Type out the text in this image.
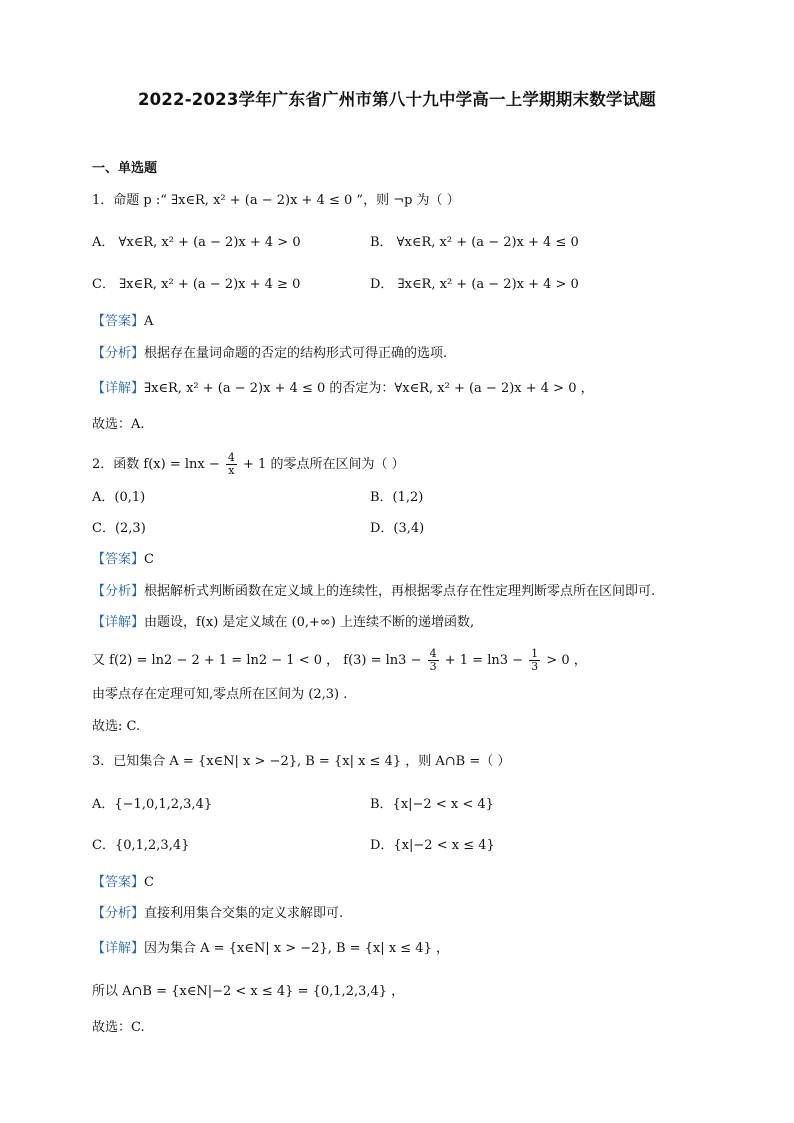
2022-2023学年广东省广州市第八十九中学高一上学期期末数学试题
一、单选题
1．命题 p :“ ∃x∈R, x² + (a − 2)x + 4 ≤ 0 ”，则 ¬p 为（ ）
A． ∀x∈R, x² + (a − 2)x + 4 > 0	B． ∀x∈R, x² + (a − 2)x + 4 ≤ 0
C． ∃x∈R, x² + (a − 2)x + 4 ≥ 0	D． ∃x∈R, x² + (a − 2)x + 4 > 0
【答案】A
【分析】根据存在量词命题的否定的结构形式可得正确的选项.
【详解】∃x∈R, x² + (a − 2)x + 4 ≤ 0 的否定为：∀x∈R, x² + (a − 2)x + 4 > 0 ，
故选：A.
2．函数 $f(x) = \ln x - \frac{4}{x} + 1$ 的零点所在区间为（ ）
A．(0,1)	B．(1,2)
C．(2,3)	D．(3,4)
【答案】C
【分析】根据解析式判断函数在定义域上的连续性，再根据零点存在性定理判断零点所在区间即可.
【详解】由题设，f(x) 是定义域在 (0,+∞) 上连续不断的递增函数,
又 f(2) = ln2 − 2 + 1 = ln2 − 1 < 0 ， $f(3) = \ln 3 - \frac{4}{3} + 1 = \ln 3 - \frac{1}{3} > 0$ ，
由零点存在定理可知,零点所在区间为 (2,3) .
故选: C.
3．已知集合 A = {x∈N| x > −2}, B = {x| x ≤ 4} ，则 A∩B =（ ）
A．{−1,0,1,2,3,4}	B．{x|−2 < x < 4}
C．{0,1,2,3,4}	D．{x|−2 < x ≤ 4}
【答案】C
【分析】直接利用集合交集的定义求解即可.
【详解】因为集合 A = {x∈N| x > −2}, B = {x| x ≤ 4} ，
所以 A∩B = {x∈N|−2 < x ≤ 4} = {0,1,2,3,4} ，
故选：C.
